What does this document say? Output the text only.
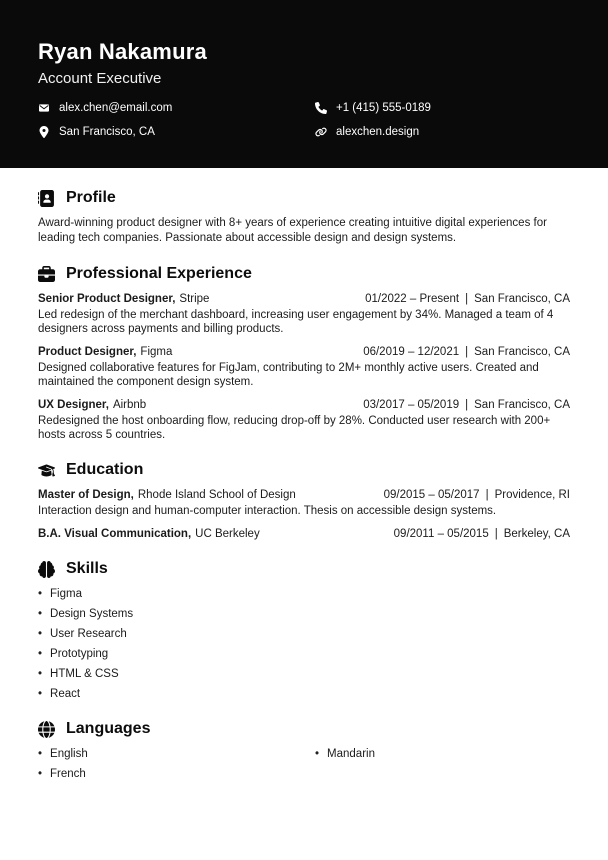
Ryan Nakamura
Account Executive
alex.chen@email.com	+1 (415) 555-0189
San Francisco, CA	alexchen.design
Profile
Award-winning product designer with 8+ years of experience creating intuitive digital experiences for leading tech companies. Passionate about accessible design and design systems.
Professional Experience
Senior Product Designer, Stripe	01/2022 – Present | San Francisco, CA
Led redesign of the merchant dashboard, increasing user engagement by 34%. Managed a team of 4 designers across payments and billing products.
Product Designer, Figma	06/2019 – 12/2021 | San Francisco, CA
Designed collaborative features for FigJam, contributing to 2M+ monthly active users. Created and maintained the component design system.
UX Designer, Airbnb	03/2017 – 05/2019 | San Francisco, CA
Redesigned the host onboarding flow, reducing drop-off by 28%. Conducted user research with 200+ hosts across 5 countries.
Education
Master of Design, Rhode Island School of Design	09/2015 – 05/2017 | Providence, RI
Interaction design and human-computer interaction. Thesis on accessible design systems.
B.A. Visual Communication, UC Berkeley	09/2011 – 05/2015 | Berkeley, CA
Skills
• Figma
• Design Systems
• User Research
• Prototyping
• HTML & CSS
• React
Languages
• English	• Mandarin
• French
